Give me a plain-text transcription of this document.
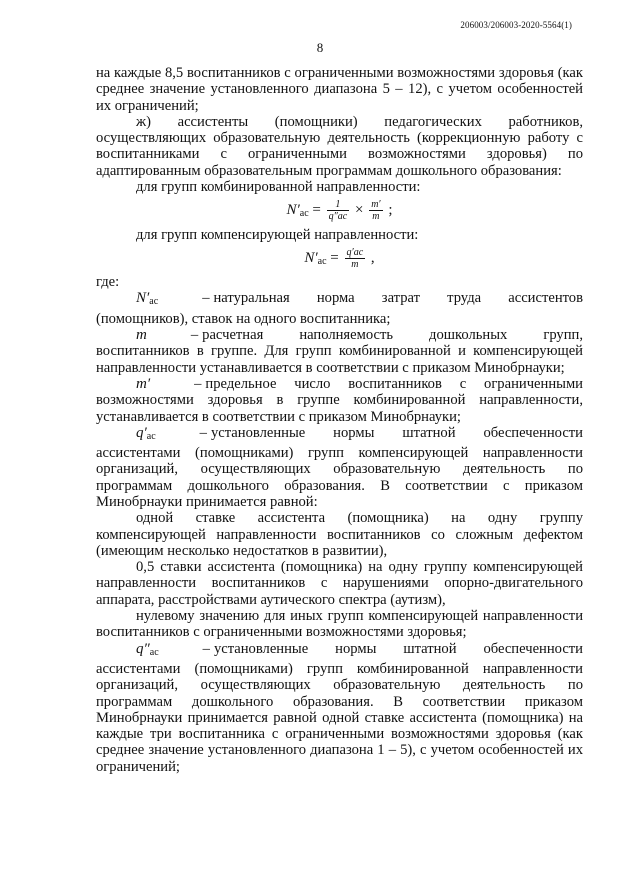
206003/206003-2020-5564(1)
8

на каждые 8,5 воспитанников с ограниченными возможностями здоровья (как среднее значение установленного диапазона 5 – 12), с учетом особенностей их ограничений;

ж) ассистенты (помощники) педагогических работников, осуществляющих образовательную деятельность (коррекционную работу с воспитанниками с ограниченными возможностями здоровья) по адаптированным образовательным программам дошкольного образования:

для групп комбинированной направленности:

$N'_{ас} = \frac{1}{q''ас} \times \frac{m'}{m}$ ;

для групп компенсирующей направленности:

$N'_{ас} = \frac{q'ас}{m}$ ,

где:

$N'_{ас}$	– натуральная норма затрат труда ассистентов (помощников), ставок на одного воспитанника;

m	– расчетная наполняемость дошкольных групп, воспитанников в группе. Для групп комбинированной и компенсирующей направленности устанавливается в соответствии с приказом Минобрнауки;

m′	– предельное число воспитанников с ограниченными возможностями здоровья в группе комбинированной направленности, устанавливается в соответствии с приказом Минобрнауки;

$q'_{ас}$	– установленные нормы штатной обеспеченности ассистентами (помощниками) групп компенсирующей направленности организаций, осуществляющих образовательную деятельность по программам дошкольного образования. В соответствии с приказом Минобрнауки принимается равной:

одной ставке ассистента (помощника) на одну группу компенсирующей направленности воспитанников со сложным дефектом (имеющим несколько недостатков в развитии),

0,5 ставки ассистента (помощника) на одну группу компенсирующей направленности воспитанников с нарушениями опорно-двигательного аппарата, расстройствами аутического спектра (аутизм),

нулевому значению для иных групп компенсирующей направленности воспитанников с ограниченными возможностями здоровья;

$q''_{ас}$	– установленные нормы штатной обеспеченности ассистентами (помощниками) групп комбинированной направленности организаций, осуществляющих образовательную деятельность по программам дошкольного образования. В соответствии приказом Минобрнауки принимается равной одной ставке ассистента (помощника) на каждые три воспитанника с ограниченными возможностями здоровья (как среднее значение установленного диапазона 1 – 5), с учетом особенностей их ограничений;
